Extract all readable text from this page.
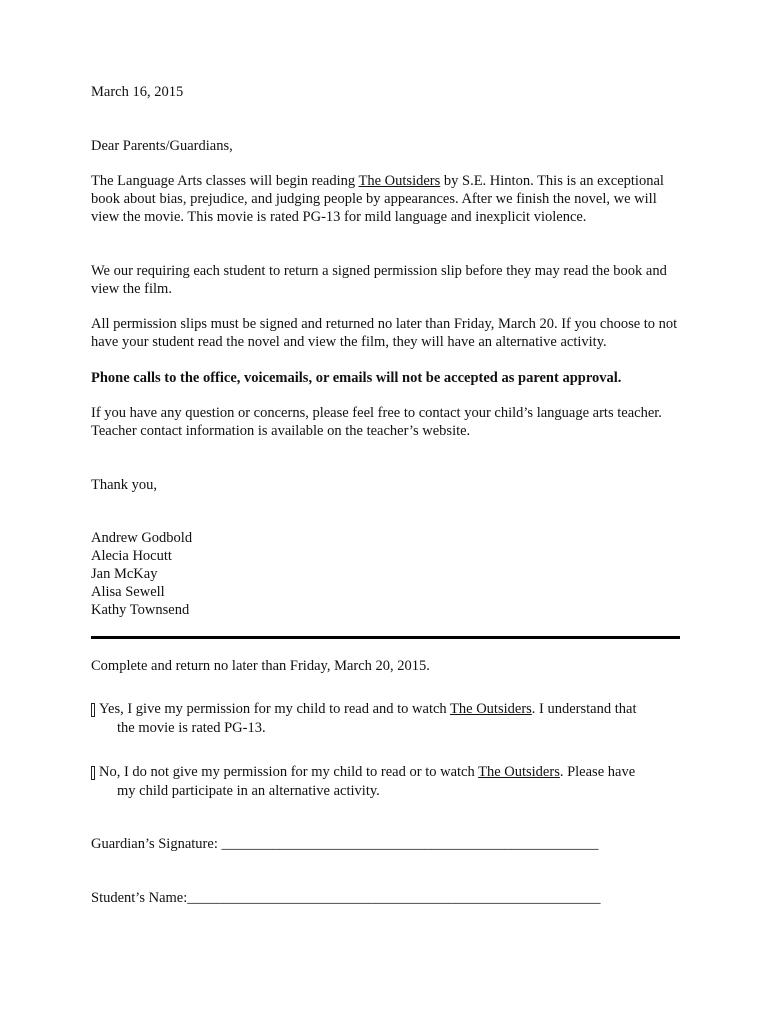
March 16, 2015

Dear Parents/Guardians,

The Language Arts classes will begin reading The Outsiders by S.E. Hinton. This is an exceptional book about bias, prejudice, and judging people by appearances. After we finish the novel, we will view the movie. This movie is rated PG-13 for mild language and inexplicit violence.

We our requiring each student to return a signed permission slip before they may read the book and view the film.

All permission slips must be signed and returned no later than Friday, March 20. If you choose to not have your student read the novel and view the film, they will have an alternative activity.

Phone calls to the office, voicemails, or emails will not be accepted as parent approval.

If you have any question or concerns, please feel free to contact your child’s language arts teacher. Teacher contact information is available on the teacher’s website.

Thank you,

Andrew Godbold
Alecia Hocutt
Jan McKay
Alisa Sewell
Kathy Townsend

Complete and return no later than Friday, March 20, 2015.

Yes, I give my permission for my child to read and to watch The Outsiders. I understand that
the movie is rated PG-13.
No, I do not give my permission for my child to read or to watch The Outsiders. Please have
my child participate in an alternative activity.
Guardian’s Signature: ____________________________________________________
Student’s Name:_________________________________________________________
